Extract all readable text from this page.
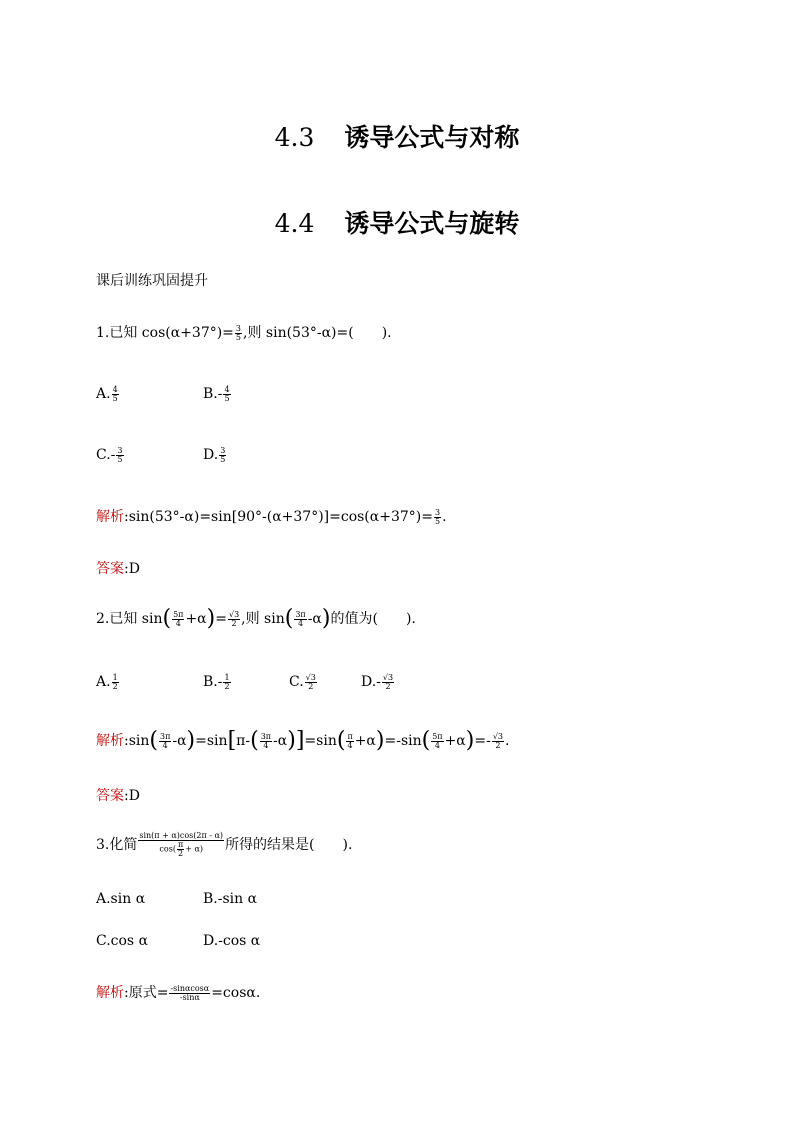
4.3 诱导公式与对称
4.4 诱导公式与旋转
课后训练巩固提升
1.已知 $\cos(\alpha+37^\circ)= \frac{3}{5}$ ,则 sin(53°-α)=(　　).
A. $\frac{4}{5}$	$B.- \frac{4}{5}$
$C.- \frac{3}{5}$	D. $\frac{3}{5}$
解析:sin(53°-α)=sin[90°-(α+37°)]=cos(α+37°)= $\frac{3}{5}$ .
答案:D
2.已知 $\sin( \frac{5\pi}{4} +\alpha)= \frac{√3}{2}$ ,则 $\sin( \frac{3\pi}{4} -\alpha)$的值为(　　).
A. $\frac{1}{2}$	$B.- \frac{1}{2}$	C. $\frac{√3}{2}$	$D.- \frac{√3}{2}$
解析:sin( $\frac{3\pi}{4} -\alpha)=\sin[\pi-( \frac{3\pi}{4} -\alpha)]=\sin( \frac{\pi}{4} +\alpha)=-\sin( \frac{5\pi}{4} +\alpha)=- \frac{√3}{2}$ .
答案:D
3.化简 $\frac{\sin(\pi + \alpha)\cos(2\pi - \alpha)}{\cos( \frac{\pi}{2} + \alpha)}$ 所得的结果是(　　).
A.sin α	B.-sin α
C.cos α	D.-cos α
解析:原式= $\frac{-\sin\alpha\cos\alpha}{-\sin\alpha} =\cos\alpha$.
